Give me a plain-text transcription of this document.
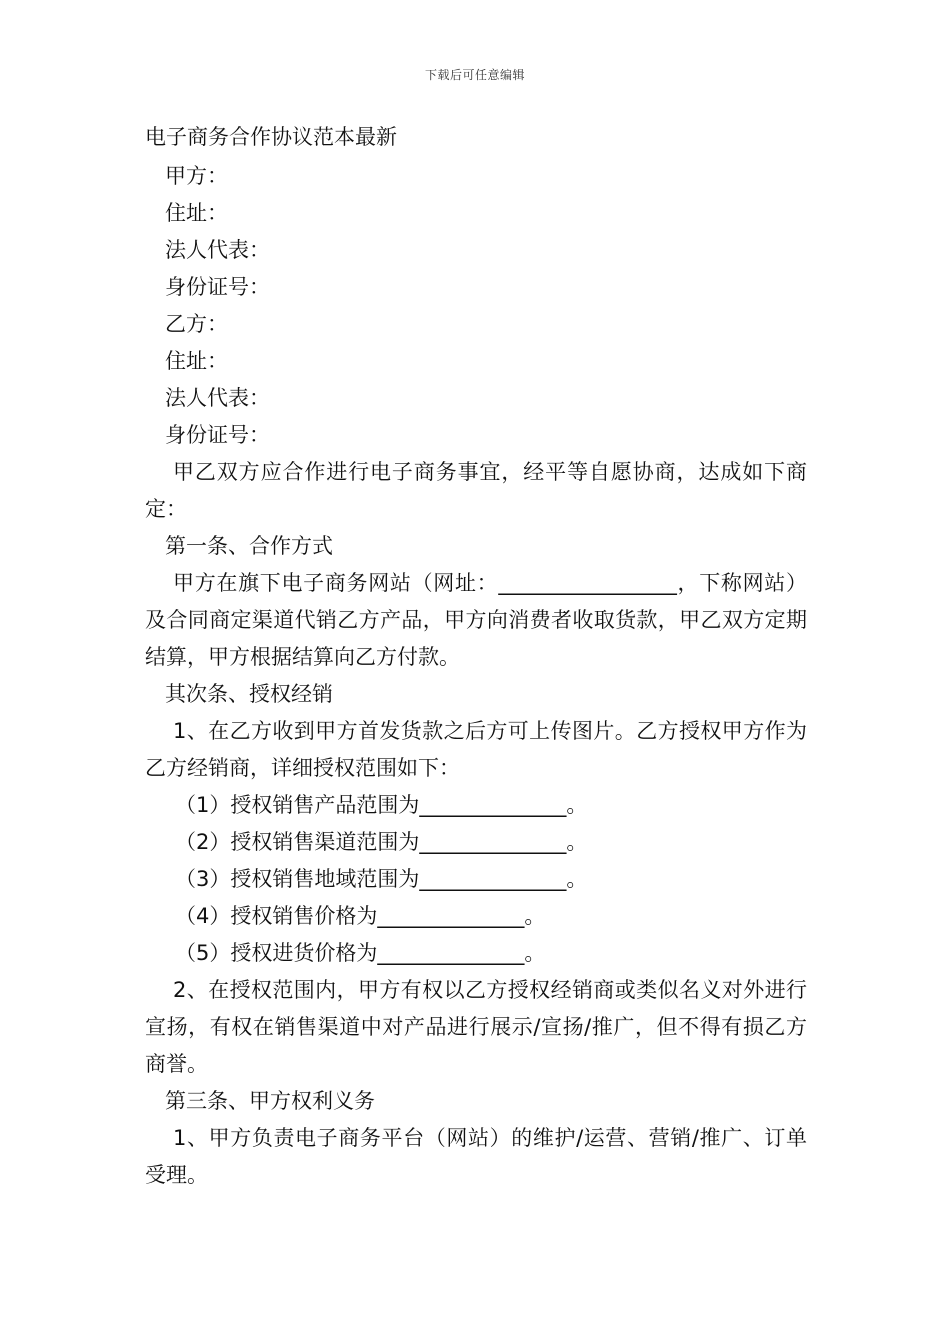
下载后可任意编辑
电子商务合作协议范本最新

甲方：

住址：

法人代表：

身份证号：

乙方：

住址：

法人代表：

身份证号：

甲乙双方应合作进行电子商务事宜，经平等自愿协商，达成如下商定：

第一条、合作方式

甲方在旗下电子商务网站（网址：_________________，下称网站）及合同商定渠道代销乙方产品，甲方向消费者收取货款，甲乙双方定期结算，甲方根据结算向乙方付款。

其次条、授权经销

1、在乙方收到甲方首发货款之后方可上传图片。乙方授权甲方作为乙方经销商，详细授权范围如下：

（1）授权销售产品范围为______________。

（2）授权销售渠道范围为______________。

（3）授权销售地域范围为______________。

（4）授权销售价格为______________。

（5）授权进货价格为______________。

2、在授权范围内，甲方有权以乙方授权经销商或类似名义对外进行宣扬，有权在销售渠道中对产品进行展示/宣扬/推广，但不得有损乙方商誉。

第三条、甲方权利义务

1、甲方负责电子商务平台（网站）的维护/运营、营销/推广、订单受理。
